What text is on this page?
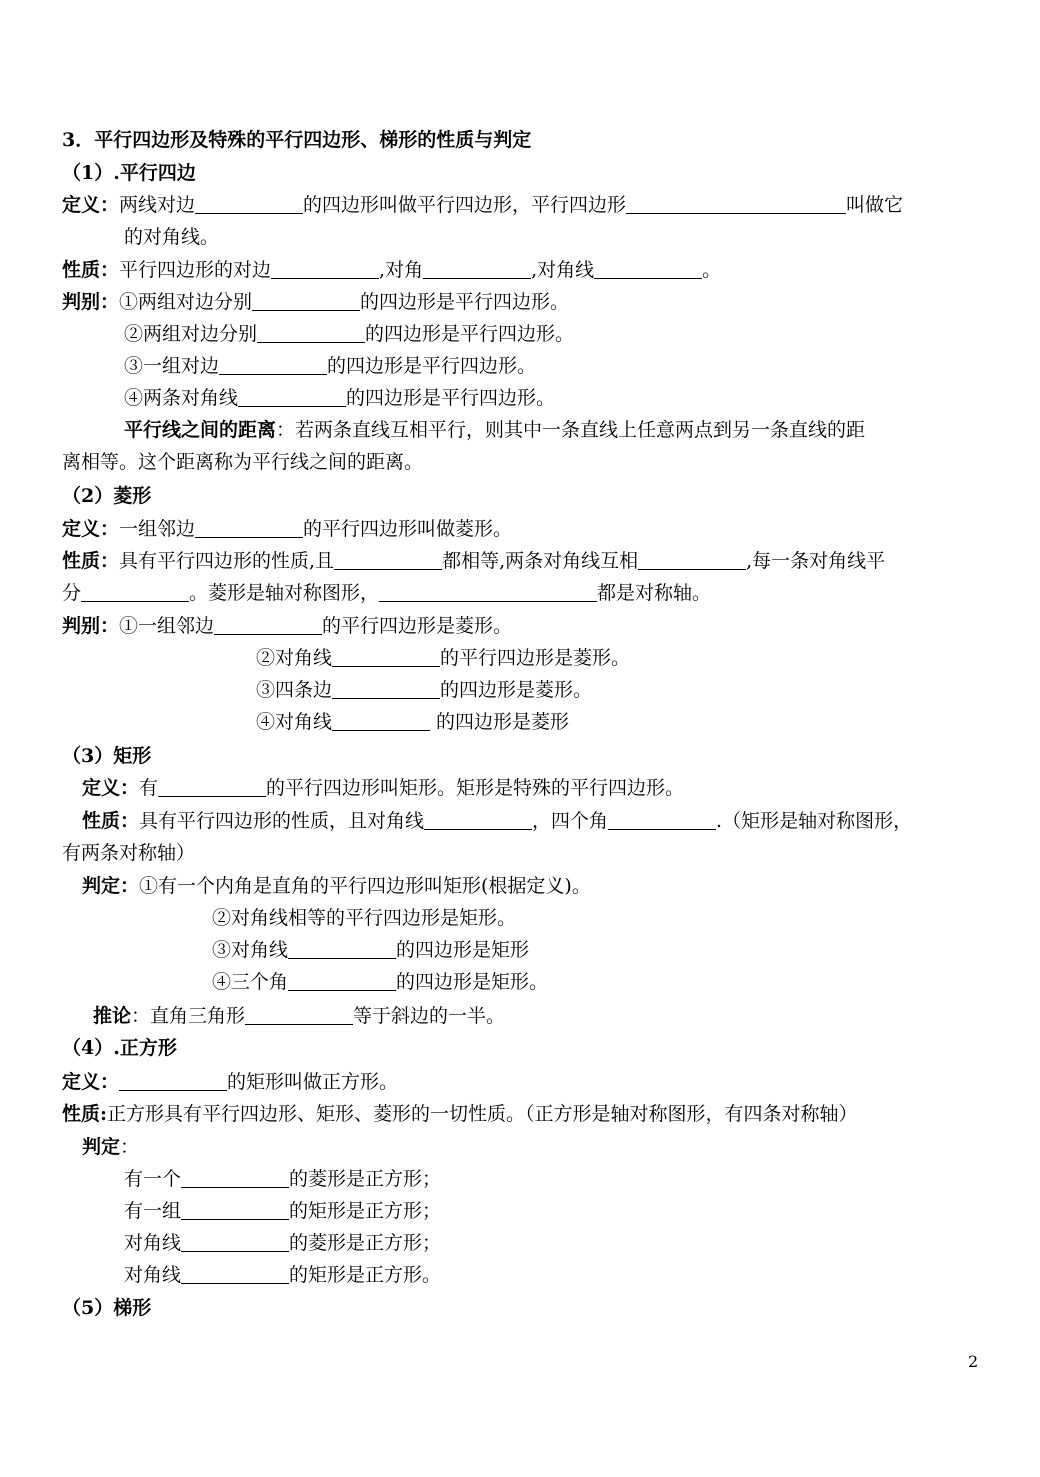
3．平行四边形及特殊的平行四边形、梯形的性质与判定
（1）.平行四边
定义：两线对边	的四边形叫做平行四边形，平行四边形	叫做它
的对角线。
性质：平行四边形的对边	,对角	,对角线	。
判别：①两组对边分别	的四边形是平行四边形。
②两组对边分别	的四边形是平行四边形。
③一组对边	的四边形是平行四边形。
④两条对角线	的四边形是平行四边形。
平行线之间的距离：若两条直线互相平行，则其中一条直线上任意两点到另一条直线的距
离相等。这个距离称为平行线之间的距离。
（2）菱形
定义：一组邻边	的平行四边形叫做菱形。
性质：具有平行四边形的性质,且	都相等,两条对角线互相	,每一条对角线平
分	。菱形是轴对称图形，	都是对称轴。
判别：①一组邻边	的平行四边形是菱形。
②对角线	的平行四边形是菱形。
③四条边	的四边形是菱形。
④对角线	的四边形是菱形
（3）矩形
定义：有	的平行四边形叫矩形。矩形是特殊的平行四边形。
性质：具有平行四边形的性质，且对角线	，四个角	.（矩形是轴对称图形，
有两条对称轴）
判定：①有一个内角是直角的平行四边形叫矩形(根据定义)。
②对角线相等的平行四边形是矩形。
③对角线	的四边形是矩形
④三个角	的四边形是矩形。
推论：直角三角形	等于斜边的一半。
（4）.正方形
定义：	的矩形叫做正方形。
性质:正方形具有平行四边形、矩形、菱形的一切性质。（正方形是轴对称图形，有四条对称轴）
判定：
有一个	的菱形是正方形；
有一组	的矩形是正方形；
对角线	的菱形是正方形；
对角线	的矩形是正方形。
（5）梯形
2
